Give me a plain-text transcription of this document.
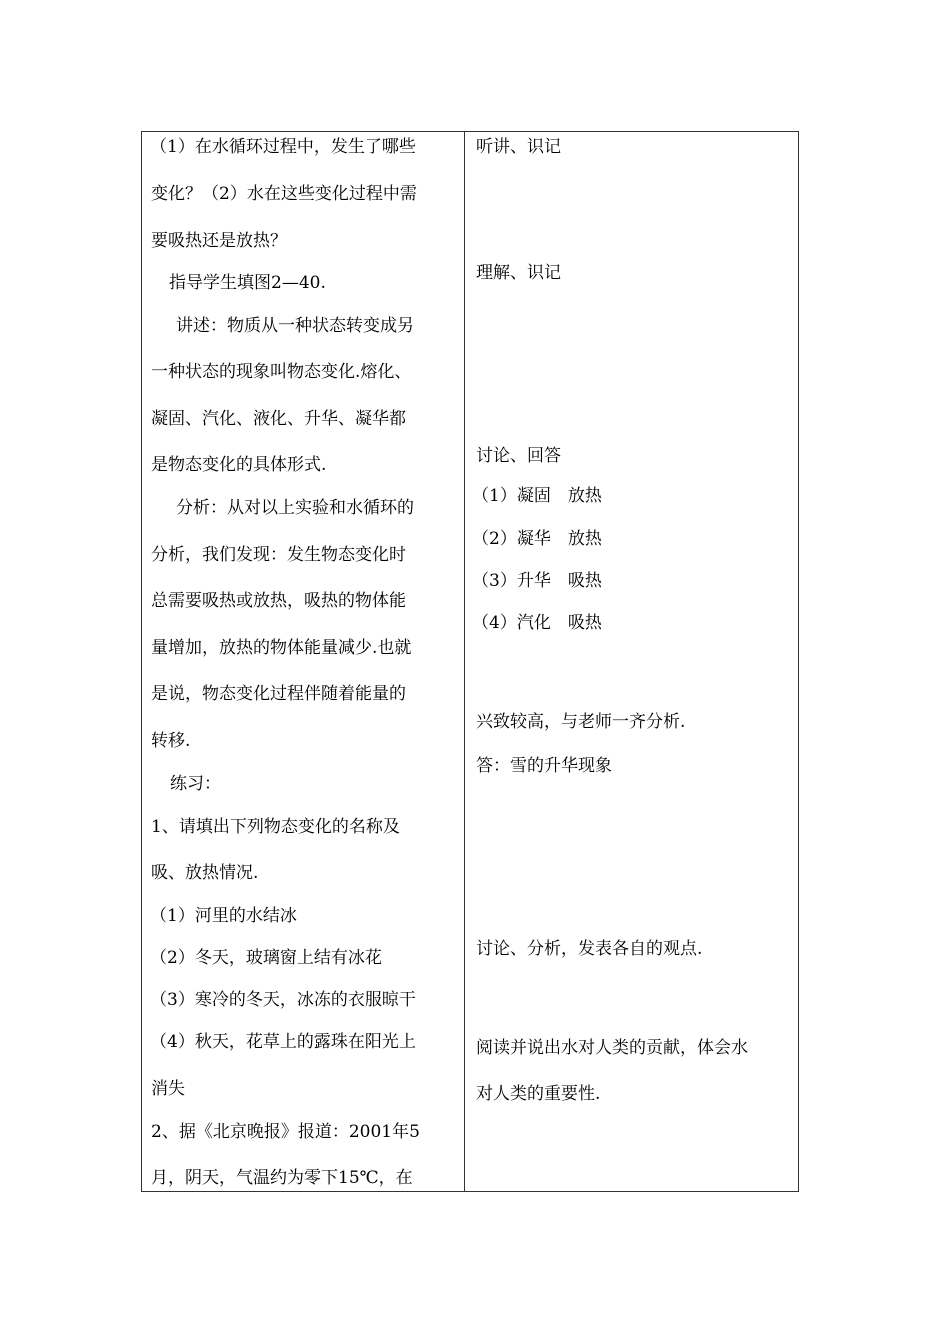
（1）在水循环过程中，发生了哪些
变化？（2）水在这些变化过程中需
要吸热还是放热？
指导学生填图2—40.
讲述：物质从一种状态转变成另
一种状态的现象叫物态变化.熔化、
凝固、汽化、液化、升华、凝华都
是物态变化的具体形式.
分析：从对以上实验和水循环的
分析，我们发现：发生物态变化时
总需要吸热或放热，吸热的物体能
量增加，放热的物体能量减少.也就
是说，物态变化过程伴随着能量的
转移.
练习：
1、请填出下列物态变化的名称及
吸、放热情况.
（1）河里的水结冰
（2）冬天，玻璃窗上结有冰花
（3）寒冷的冬天，冰冻的衣服晾干
（4）秋天，花草上的露珠在阳光上
消失
2、据《北京晚报》报道：2001年5
月，阴天，气温约为零下15℃，在
听讲、识记
理解、识记
讨论、回答
（1）凝固　放热
（2）凝华　放热
（3）升华　吸热
（4）汽化　吸热
兴致较高，与老师一齐分析.
答：雪的升华现象
讨论、分析，发表各自的观点.
阅读并说出水对人类的贡献，体会水
对人类的重要性.
